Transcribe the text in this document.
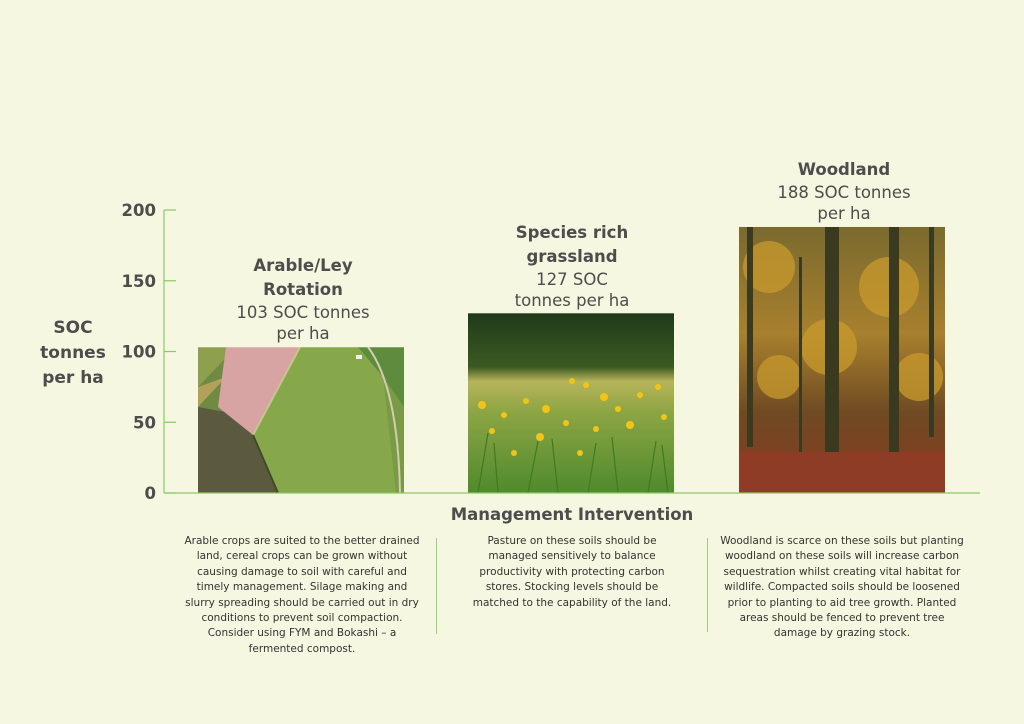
0
50
100
150
200
SOC
tonnes
per ha
Management Intervention
Arable/Ley
Rotation
103 SOC tonnes
per ha
Species rich
grassland
127 SOC
tonnes per ha
Woodland
188 SOC tonnes
per ha
Arable crops are suited to the better drained land, cereal crops can be grown without causing damage to soil with careful and timely management. Silage making and slurry spreading should be carried out in dry conditions to prevent soil compaction. Consider using FYM and Bokashi – a fermented compost.
Pasture on these soils should be managed sensitively to balance productivity with protecting carbon stores. Stocking levels should be matched to the capability of the land.
Woodland is scarce on these soils but planting woodland on these soils will increase carbon sequestration whilst creating vital habitat for wildlife. Compacted soils should be loosened prior to planting to aid tree growth. Planted areas should be fenced to prevent tree damage by grazing stock.
